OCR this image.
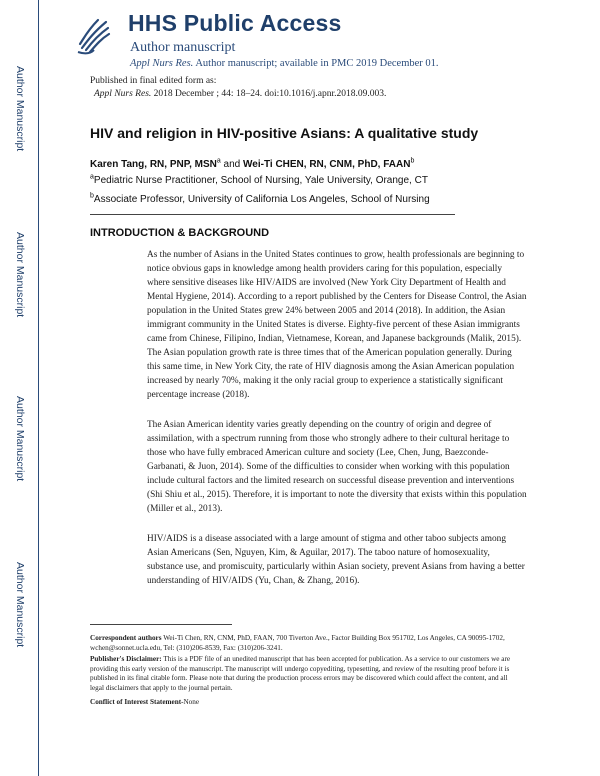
Author Manuscript
Author Manuscript
Author Manuscript
Author Manuscript
HHS Public Access
Author manuscript
Appl Nurs Res. Author manuscript; available in PMC 2019 December 01.
Published in final edited form as:
Appl Nurs Res. 2018 December ; 44: 18–24. doi:10.1016/j.apnr.2018.09.003.
HIV and religion in HIV-positive Asians: A qualitative study
Karen Tang, RN, PNP, MSN$^a$ and Wei-Ti CHEN, RN, CNM, PhD, FAAN$^b$
$^a$Pediatric Nurse Practitioner, School of Nursing, Yale University, Orange, CT
$^b$Associate Professor, University of California Los Angeles, School of Nursing
INTRODUCTION & BACKGROUND
As the number of Asians in the United States continues to grow, health professionals are beginning to notice obvious gaps in knowledge among health providers caring for this population, especially where sensitive diseases like HIV/AIDS are involved (New York City Department of Health and Mental Hygiene, 2014). According to a report published by the Centers for Disease Control, the Asian population in the United States grew 24% between 2005 and 2014 (2018). In addition, the Asian immigrant community in the United States is diverse. Eighty-five percent of these Asian immigrants came from Chinese, Filipino, Indian, Vietnamese, Korean, and Japanese backgrounds (Malik, 2015). The Asian population growth rate is three times that of the American population generally. During this same time, in New York City, the rate of HIV diagnosis among the Asian American population increased by nearly 70%, making it the only racial group to experience a statistically significant percentage increase (2018).
The Asian American identity varies greatly depending on the country of origin and degree of assimilation, with a spectrum running from those who strongly adhere to their cultural heritage to those who have fully embraced American culture and society (Lee, Chen, Jung, Baezconde-Garbanati, & Juon, 2014). Some of the difficulties to consider when working with this population include cultural factors and the limited research on successful disease prevention and interventions (Shi Shiu et al., 2015). Therefore, it is important to note the diversity that exists within this population (Miller et al., 2013).
HIV/AIDS is a disease associated with a large amount of stigma and other taboo subjects among Asian Americans (Sen, Nguyen, Kim, & Aguilar, 2017). The taboo nature of homosexuality, substance use, and promiscuity, particularly within Asian society, prevent Asians from having a better understanding of HIV/AIDS (Yu, Chan, & Zhang, 2016).
Correspondent authors Wei-Ti Chen, RN, CNM, PhD, FAAN, 700 Tiverton Ave., Factor Building Box 951702, Los Angeles, CA 90095-1702, wchen@sonnet.ucla.edu, Tel: (310)206-8539, Fax: (310)206-3241.
Publisher's Disclaimer: This is a PDF file of an unedited manuscript that has been accepted for publication. As a service to our customers we are providing this early version of the manuscript. The manuscript will undergo copyediting, typesetting, and review of the resulting proof before it is published in its final citable form. Please note that during the production process errors may be discovered which could affect the content, and all legal disclaimers that apply to the journal pertain.
Conflict of Interest Statement-None
